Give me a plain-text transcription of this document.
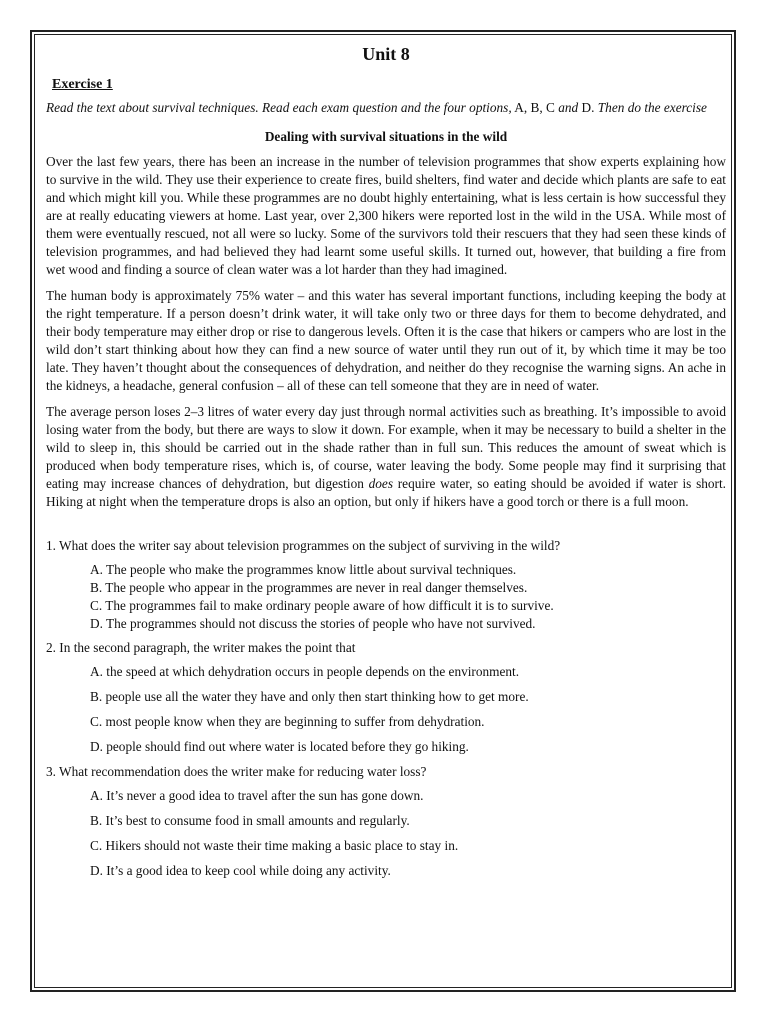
Unit 8
Exercise 1
Read the text about survival techniques. Read each exam question and the four options, A, B, C and D. Then do the exercise
Dealing with survival situations in the wild

Over the last few years, there has been an increase in the number of television programmes that show experts explaining how to survive in the wild. They use their experience to create fires, build shelters, find water and decide which plants are safe to eat and which might kill you. While these programmes are no doubt highly entertaining, what is less certain is how successful they are at really educating viewers at home. Last year, over 2,300 hikers were reported lost in the wild in the USA. While most of them were eventually rescued, not all were so lucky. Some of the survivors told their rescuers that they had seen these kinds of television programmes, and had believed they had learnt some useful skills. It turned out, however, that building a fire from wet wood and finding a source of clean water was a lot harder than they had imagined.

The human body is approximately 75% water – and this water has several important functions, including keeping the body at the right temperature. If a person doesn’t drink water, it will take only two or three days for them to become dehydrated, and their body temperature may either drop or rise to dangerous levels. Often it is the case that hikers or campers who are lost in the wild don’t start thinking about how they can find a new source of water until they run out of it, by which time it may be too late. They haven’t thought about the consequences of dehydration, and neither do they recognise the warning signs. An ache in the kidneys, a headache, general confusion – all of these can tell someone that they are in need of water.

The average person loses 2–3 litres of water every day just through normal activities such as breathing. It’s impossible to avoid losing water from the body, but there are ways to slow it down. For example, when it may be necessary to build a shelter in the wild to sleep in, this should be carried out in the shade rather than in full sun. This reduces the amount of sweat which is produced when body temperature rises, which is, of course, water leaving the body. Some people may find it surprising that eating may increase chances of dehydration, but digestion does require water, so eating should be avoided if water is short. Hiking at night when the temperature drops is also an option, but only if hikers have a good torch or there is a full moon.

1. What does the writer say about television programmes on the subject of surviving in the wild?
A. The people who make the programmes know little about survival techniques.
B. The people who appear in the programmes are never in real danger themselves.
C. The programmes fail to make ordinary people aware of how difficult it is to survive.
D. The programmes should not discuss the stories of people who have not survived.
2. In the second paragraph, the writer makes the point that
A. the speed at which dehydration occurs in people depends on the environment.
B. people use all the water they have and only then start thinking how to get more.
C. most people know when they are beginning to suffer from dehydration.
D. people should find out where water is located before they go hiking.
3. What recommendation does the writer make for reducing water loss?
A. It’s never a good idea to travel after the sun has gone down.
B. It’s best to consume food in small amounts and regularly.
C. Hikers should not waste their time making a basic place to stay in.
D. It’s a good idea to keep cool while doing any activity.
